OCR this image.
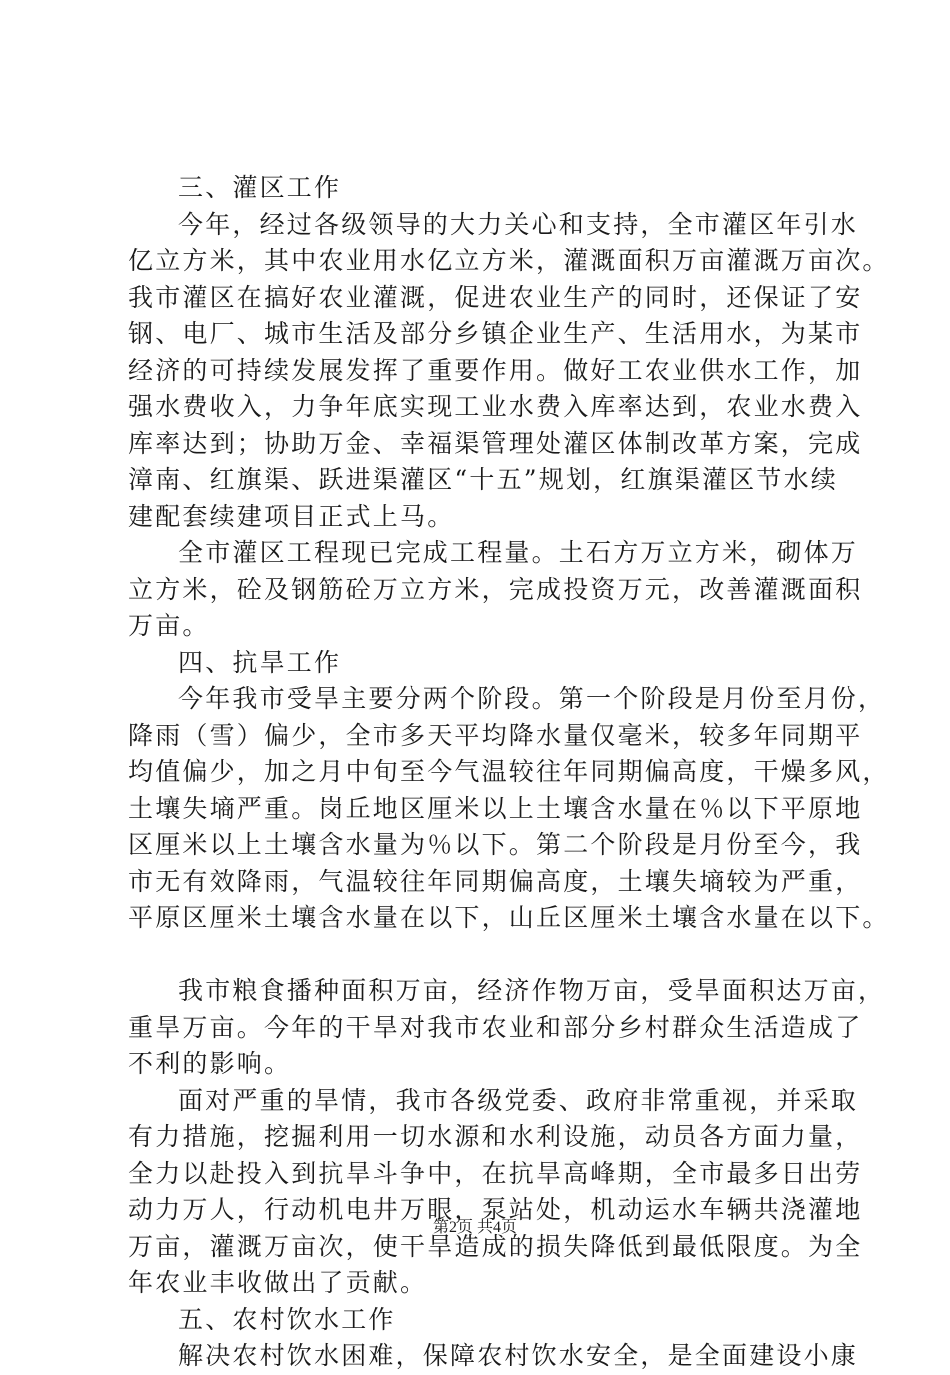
三、灌区工作
今年，经过各级领导的大力关心和支持，全市灌区年引水
亿立方米，其中农业用水亿立方米，灌溉面积万亩灌溉万亩次。
我市灌区在搞好农业灌溉，促进农业生产的同时，还保证了安
钢、电厂、城市生活及部分乡镇企业生产、生活用水，为某市
经济的可持续发展发挥了重要作用。做好工农业供水工作，加
强水费收入，力争年底实现工业水费入库率达到，农业水费入
库率达到；协助万金、幸福渠管理处灌区体制改革方案，完成
漳南、红旗渠、跃进渠灌区“十五”规划，红旗渠灌区节水续
建配套续建项目正式上马。
全市灌区工程现已完成工程量。土石方万立方米，砌体万
立方米，砼及钢筋砼万立方米，完成投资万元，改善灌溉面积
万亩。
四、抗旱工作
今年我市受旱主要分两个阶段。第一个阶段是月份至月份，
降雨（雪）偏少，全市多天平均降水量仅毫米，较多年同期平
均值偏少，加之月中旬至今气温较往年同期偏高度，干燥多风，
土壤失墒严重。岗丘地区厘米以上土壤含水量在％以下平原地
区厘米以上土壤含水量为％以下。第二个阶段是月份至今，我
市无有效降雨，气温较往年同期偏高度，土壤失墒较为严重，
平原区厘米土壤含水量在以下，山丘区厘米土壤含水量在以下。
我市粮食播种面积万亩，经济作物万亩，受旱面积达万亩，
重旱万亩。今年的干旱对我市农业和部分乡村群众生活造成了
不利的影响。
面对严重的旱情，我市各级党委、政府非常重视，并采取
有力措施，挖掘利用一切水源和水利设施，动员各方面力量，
全力以赴投入到抗旱斗争中，在抗旱高峰期，全市最多日出劳
动力万人，行动机电井万眼，泵站处，机动运水车辆共浇灌地
万亩，灌溉万亩次，使干旱造成的损失降低到最低限度。为全
年农业丰收做出了贡献。
五、农村饮水工作
解决农村饮水困难，保障农村饮水安全，是全面建设小康
第2页 共4页
